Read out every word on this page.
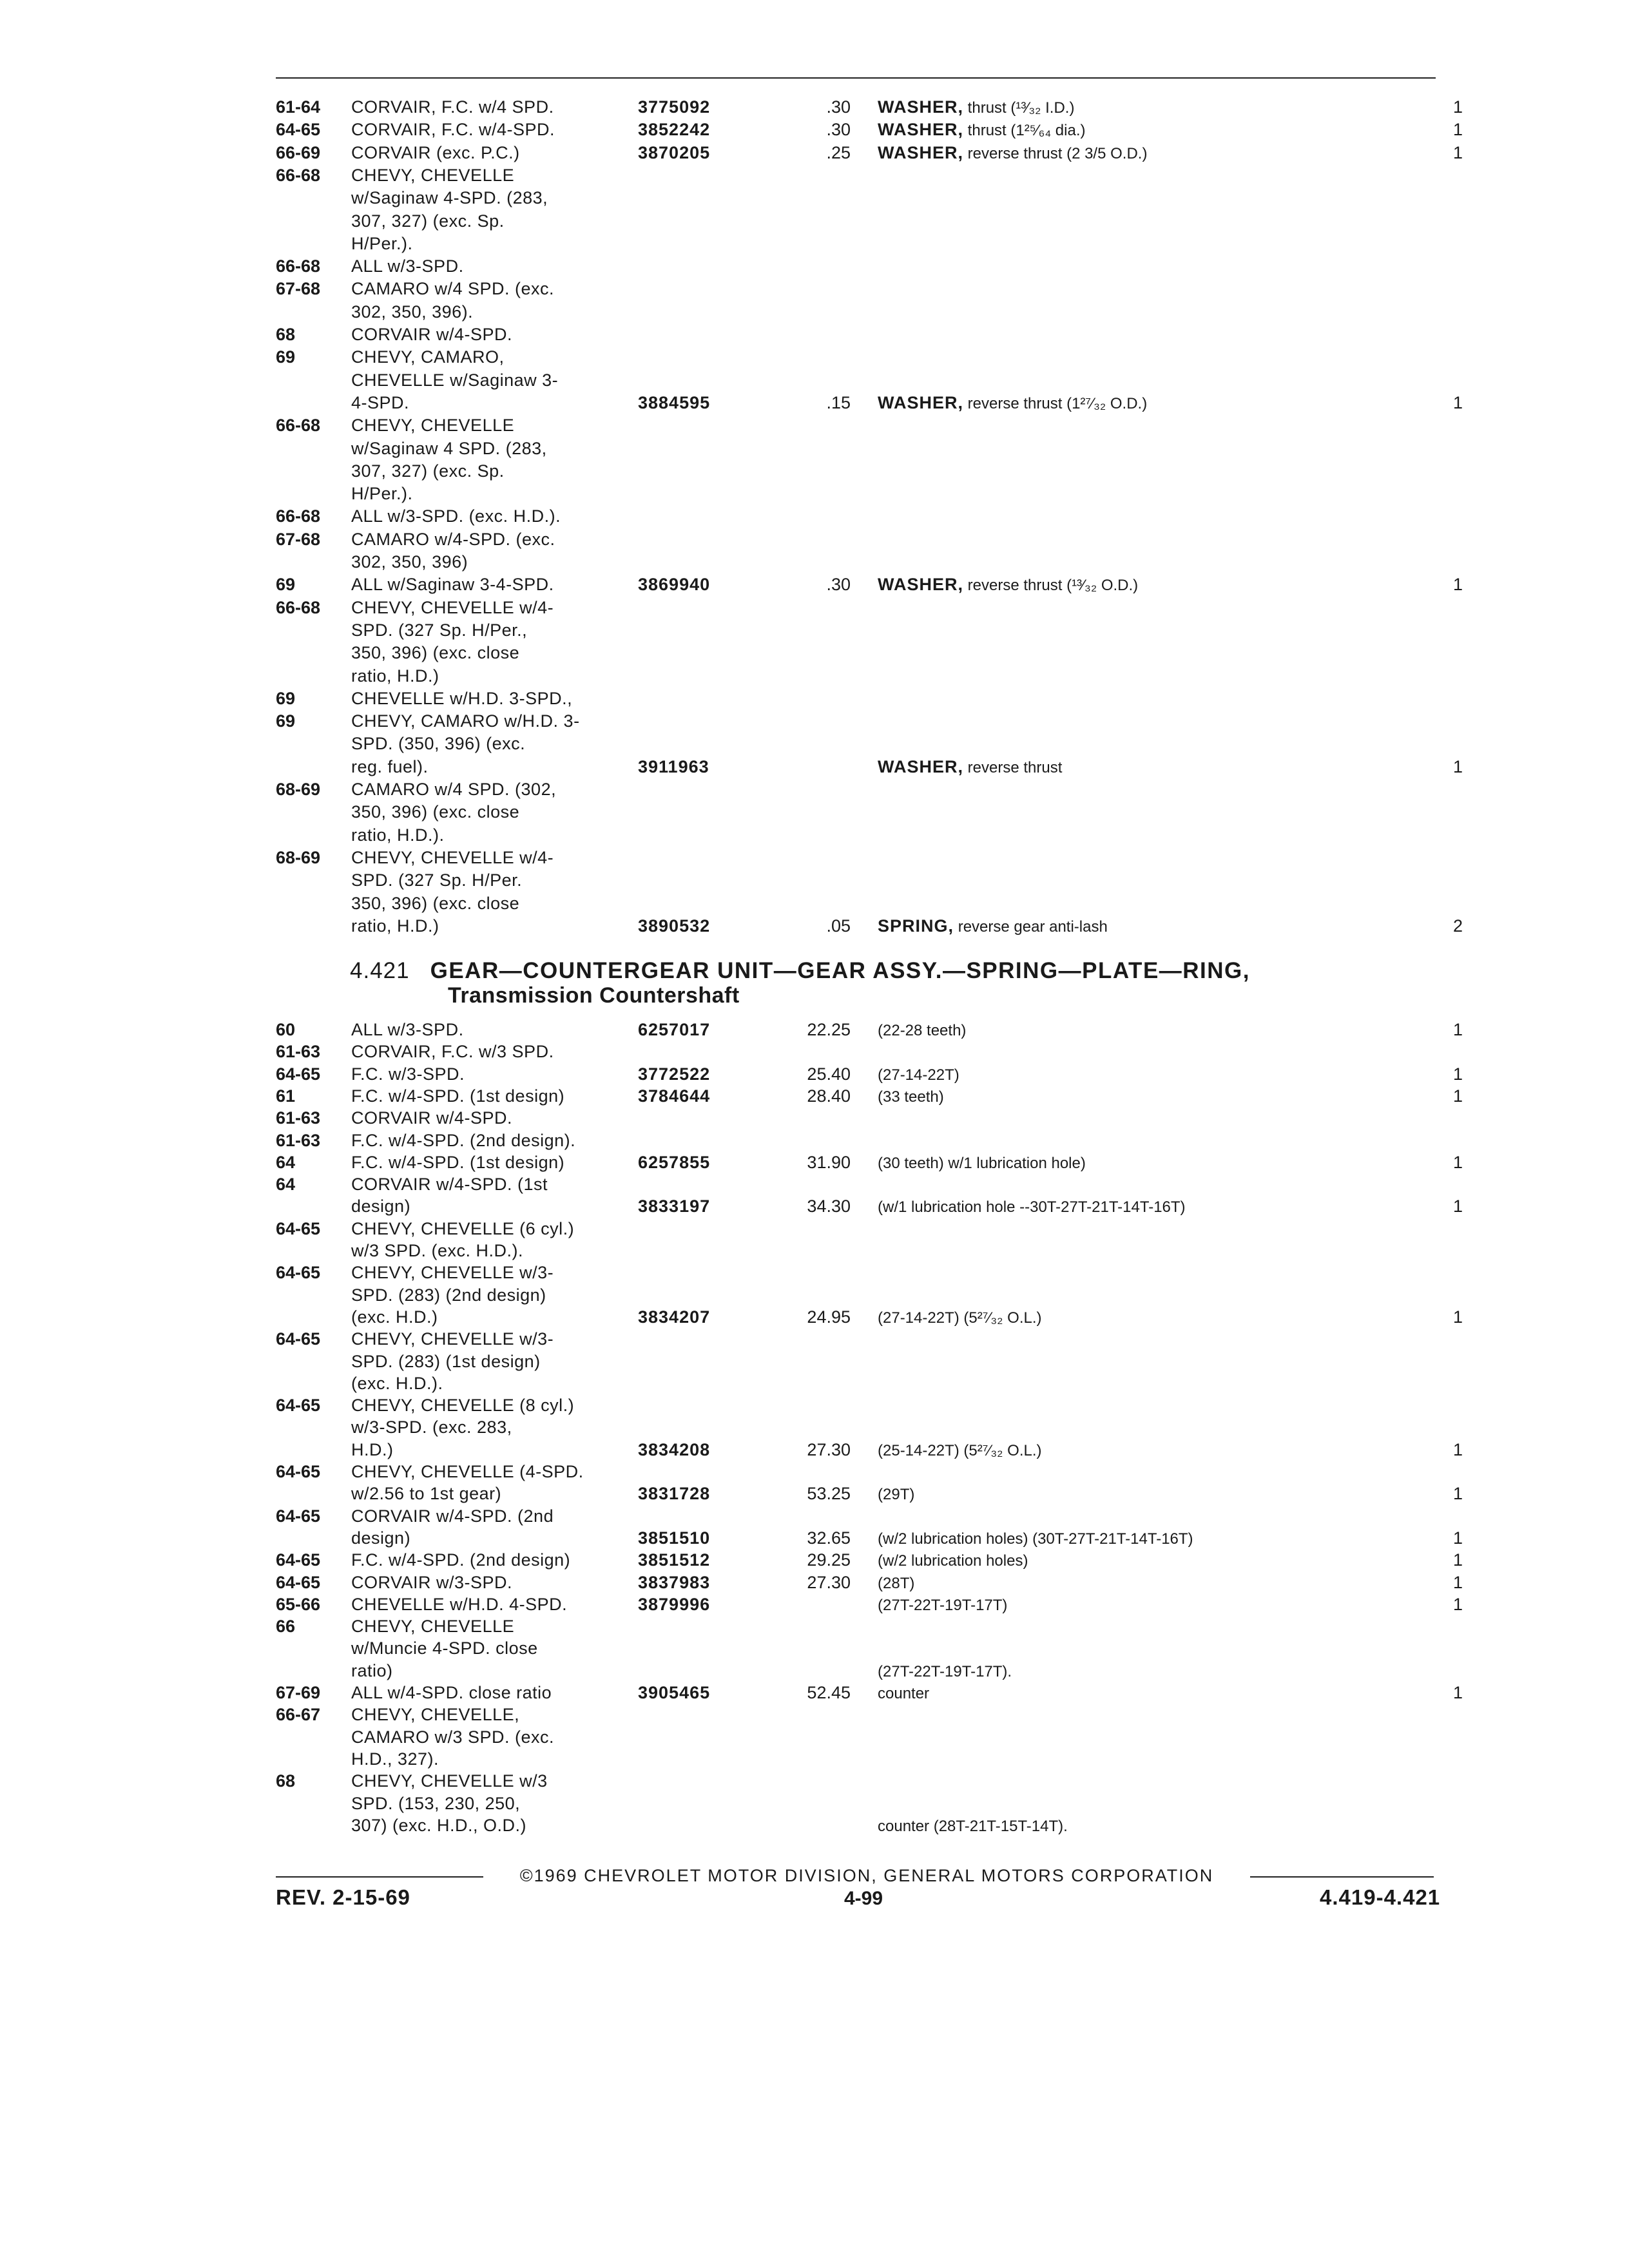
61-64	CORVAIR, F.C. w/4 SPD.	3775092	.30 WASHER, thrust (¹³⁄₃₂ I.D.)	1
64-65	CORVAIR, F.C. w/4-SPD.	3852242	.30 WASHER, thrust (1²⁵⁄₆₄ dia.)	1
66-69	CORVAIR (exc. P.C.)	3870205	.25 WASHER, reverse thrust (2 3/5 O.D.)	1
66-68	CHEVY, CHEVELLE
w/Saginaw 4-SPD. (283,
307, 327) (exc. Sp.
H/Per.).
66-68	ALL w/3-SPD.
67-68	CAMARO w/4 SPD. (exc.
302, 350, 396).
68	CORVAIR w/4-SPD.
69	CHEVY, CAMARO,
CHEVELLE w/Saginaw 3-
4-SPD.	3884595	.15 WASHER, reverse thrust (1²⁷⁄₃₂ O.D.)	1
66-68	CHEVY, CHEVELLE
w/Saginaw 4 SPD. (283,
307, 327) (exc. Sp.
H/Per.).
66-68	ALL w/3-SPD. (exc. H.D.).
67-68	CAMARO w/4-SPD. (exc.
302, 350, 396)
69	ALL w/Saginaw 3-4-SPD.	3869940	.30 WASHER, reverse thrust (¹³⁄₃₂ O.D.)	1
66-68	CHEVY, CHEVELLE w/4-
SPD. (327 Sp. H/Per.,
350, 396) (exc. close
ratio, H.D.)
69	CHEVELLE w/H.D. 3-SPD.,
69	CHEVY, CAMARO w/H.D. 3-
SPD. (350, 396) (exc.
reg. fuel).	3911963	WASHER, reverse thrust	1
68-69	CAMARO w/4 SPD. (302,
350, 396) (exc. close
ratio, H.D.).
68-69	CHEVY, CHEVELLE w/4-
SPD. (327 Sp. H/Per.
350, 396) (exc. close
ratio, H.D.)	3890532	.05 SPRING, reverse gear anti-lash	2
60	ALL w/3-SPD.	6257017	22.25 (22-28 teeth)	1
61-63	CORVAIR, F.C. w/3 SPD.
64-65	F.C. w/3-SPD.	3772522	25.40 (27-14-22T)	1
61	F.C. w/4-SPD. (1st design)	3784644	28.40 (33 teeth)	1
61-63	CORVAIR w/4-SPD.
61-63	F.C. w/4-SPD. (2nd design).
64	F.C. w/4-SPD. (1st design)	6257855	31.90 (30 teeth) w/1 lubrication hole)	1
64	CORVAIR w/4-SPD. (1st
design)	3833197	34.30 (w/1 lubrication hole --30T-27T-21T-14T-16T)	1
64-65	CHEVY, CHEVELLE (6 cyl.)
w/3 SPD. (exc. H.D.).
64-65	CHEVY, CHEVELLE w/3-
SPD. (283) (2nd design)
(exc. H.D.)	3834207	24.95 (27-14-22T) (5²⁷⁄₃₂ O.L.)	1
64-65	CHEVY, CHEVELLE w/3-
SPD. (283) (1st design)
(exc. H.D.).
64-65	CHEVY, CHEVELLE (8 cyl.)
w/3-SPD. (exc. 283,
H.D.)	3834208	27.30 (25-14-22T) (5²⁷⁄₃₂ O.L.)	1
64-65	CHEVY, CHEVELLE (4-SPD.
w/2.56 to 1st gear)	3831728	53.25 (29T)	1
64-65	CORVAIR w/4-SPD. (2nd
design)	3851510	32.65 (w/2 lubrication holes) (30T-27T-21T-14T-16T)	1
64-65	F.C. w/4-SPD. (2nd design)	3851512	29.25 (w/2 lubrication holes)	1
64-65	CORVAIR w/3-SPD.	3837983	27.30 (28T)	1
65-66	CHEVELLE w/H.D. 4-SPD.	3879996	(27T-22T-19T-17T)	1
66	CHEVY, CHEVELLE
w/Muncie 4-SPD. close
ratio)	(27T-22T-19T-17T).
67-69	ALL w/4-SPD. close ratio	3905465	52.45 counter	1
66-67	CHEVY, CHEVELLE,
CAMARO w/3 SPD. (exc.
H.D., 327).
68	CHEVY, CHEVELLE w/3
SPD. (153, 230, 250,
307) (exc. H.D., O.D.)	counter (28T-21T-15T-14T).
4.421 GEAR—COUNTERGEAR UNIT—GEAR ASSY.—SPRING—PLATE—RING,
Transmission Countershaft
©1969 CHEVROLET MOTOR DIVISION, GENERAL MOTORS CORPORATION
REV. 2-15-69	4-99	4.419-4.421
